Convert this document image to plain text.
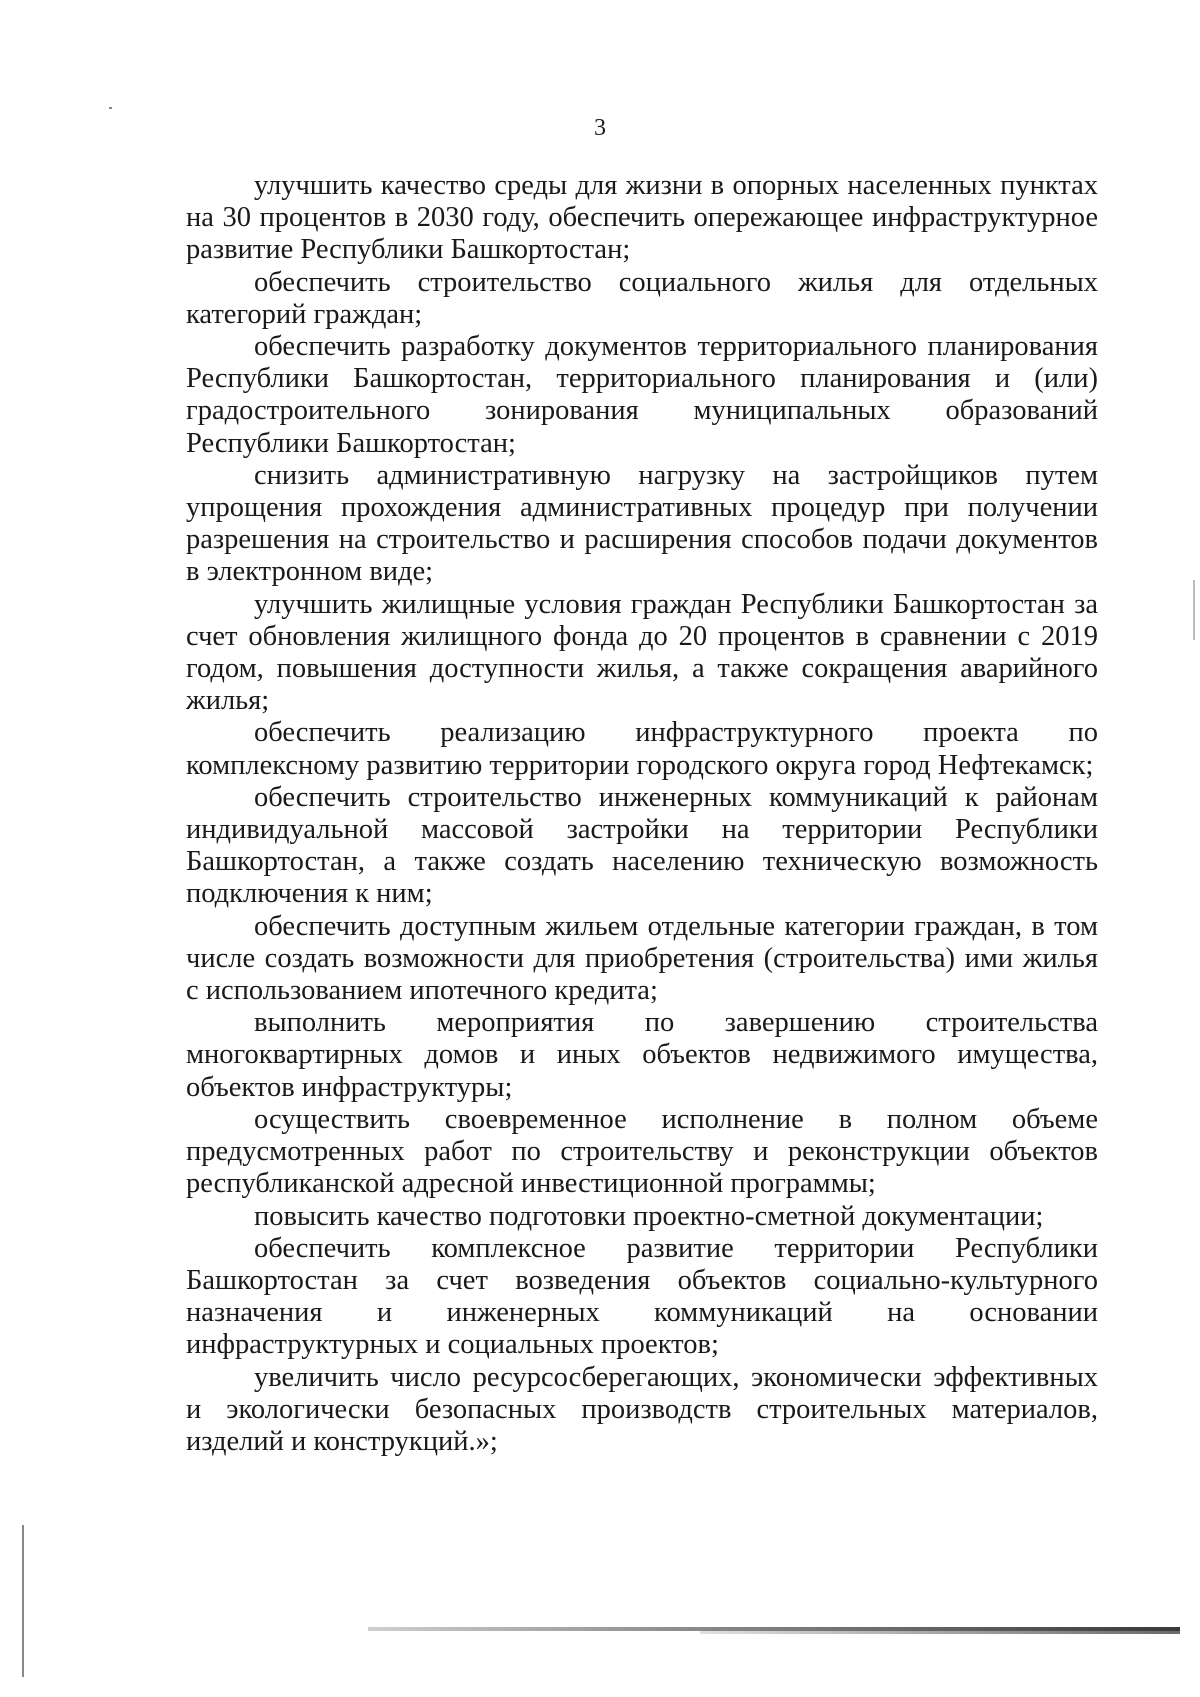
3

улучшить качество среды для жизни в опорных населенных пунктах на 30 процентов в 2030 году, обеспечить опережающее инфраструктурное развитие Республики Башкортостан;

обеспечить строительство социального жилья для отдельных категорий граждан;

обеспечить разработку документов территориального планирования Республики Башкортостан, территориального планирования и (или) градостроительного зонирования муниципальных образований Республики Башкортостан;

снизить административную нагрузку на застройщиков путем упрощения прохождения административных процедур при получении разрешения на строительство и расширения способов подачи документов в электронном виде;

улучшить жилищные условия граждан Республики Башкортостан за счет обновления жилищного фонда до 20 процентов в сравнении с 2019 годом, повышения доступности жилья, а также сокращения аварийного жилья;

обеспечить реализацию инфраструктурного проекта по комплексному развитию территории городского округа город Нефтекамск;

обеспечить строительство инженерных коммуникаций к районам индивидуальной массовой застройки на территории Республики Башкортостан, а также создать населению техническую возможность подключения к ним;

обеспечить доступным жильем отдельные категории граждан, в том числе создать возможности для приобретения (строительства) ими жилья с использованием ипотечного кредита;

выполнить мероприятия по завершению строительства многоквартирных домов и иных объектов недвижимого имущества, объектов инфраструктуры;

осуществить своевременное исполнение в полном объеме предусмотренных работ по строительству и реконструкции объектов республиканской адресной инвестиционной программы;

повысить качество подготовки проектно-сметной документации;

обеспечить комплексное развитие территории Республики Башкортостан за счет возведения объектов социально-культурного назначения и инженерных коммуникаций на основании инфраструктурных и социальных проектов;

увеличить число ресурсосберегающих, экономически эффективных и экологически безопасных производств строительных материалов, изделий и конструкций.»;
